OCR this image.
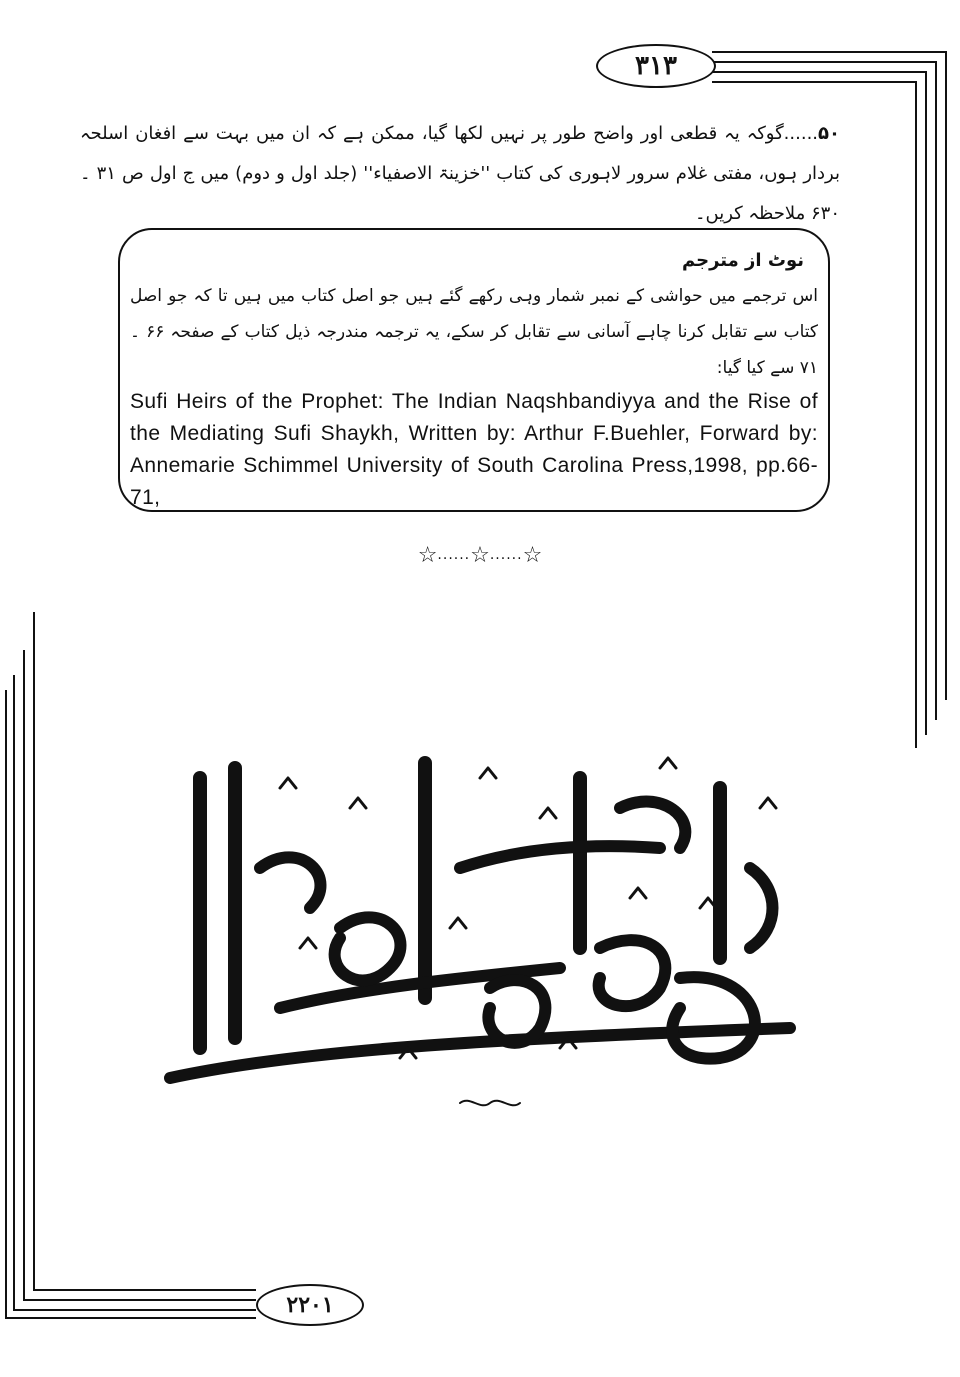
۳۱۳
۵۰......گوکہ یہ قطعی اور واضح طور پر نہیں لکھا گیا، ممکن ہے کہ ان میں بہت سے افغان اسلحہ بردار ہوں، مفتی غلام سرور لاہوری کی کتاب ''خزینۃ الاصفیاء'' (جلد اول و دوم) میں ج اول ص ۳۱ ۔ ۶۳۰ ملاحظہ کریں۔
نوٹ از مترجم
اس ترجمے میں حواشی کے نمبر شمار وہی رکھے گئے ہیں جو اصل کتاب میں ہیں تا کہ جو اصل کتاب سے تقابل کرنا چاہے آسانی سے تقابل کر سکے، یہ ترجمہ مندرجہ ذیل کتاب کے صفحہ ۶۶ ۔ ۷۱ سے کیا گیا:
Sufi Heirs of the Prophet: The Indian Naqshbandiyya and the Rise of the Mediating Sufi Shaykh, Written by: Arthur F.Buehler, Forward by: Annemarie Schimmel University of South Carolina Press,1998, pp.66-71,
☆ ...... ☆ ...... ☆
۲۲۰۱
